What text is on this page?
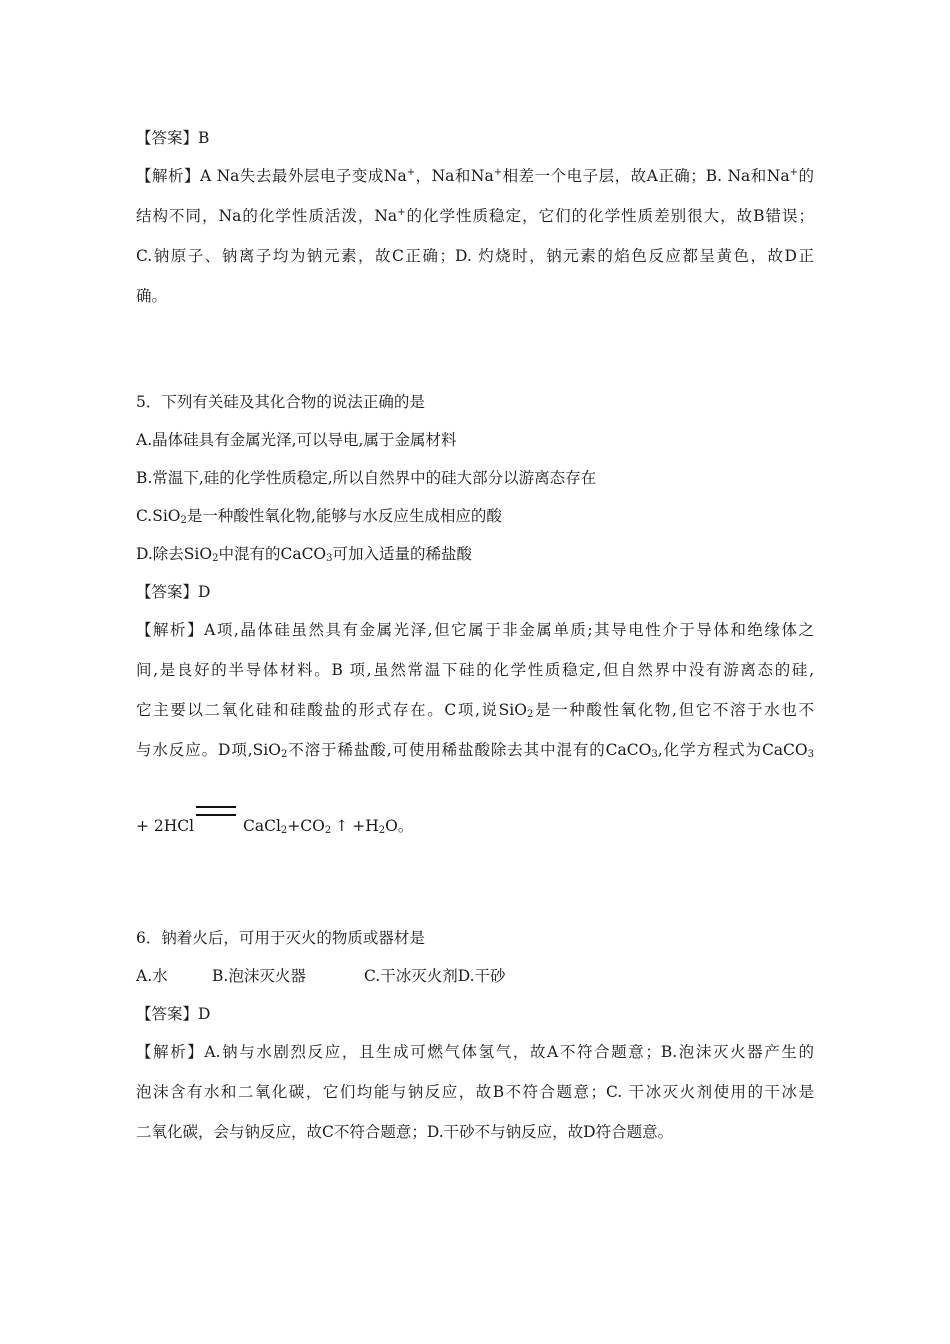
【答案】B
【解析】A Na失去最外层电子变成Na+，Na和Na+相差一个电子层，故A正确；B. Na和Na+的
结构不同，Na的化学性质活泼，Na+的化学性质稳定，它们的化学性质差别很大，故B错误；
C.钠原子、钠离子均为钠元素，故C正确；D. 灼烧时，钠元素的焰色反应都呈黄色，故D正
确。
5．下列有关硅及其化合物的说法正确的是
A.晶体硅具有金属光泽,可以导电,属于金属材料
B.常温下,硅的化学性质稳定,所以自然界中的硅大部分以游离态存在
C.SiO$_2$是一种酸性氧化物,能够与水反应生成相应的酸
D.除去SiO$_2$中混有的CaCO$_3$可加入适量的稀盐酸
【答案】D
【解析】A项,晶体硅虽然具有金属光泽,但它属于非金属单质;其导电性介于导体和绝缘体之
间,是良好的半导体材料。B 项,虽然常温下硅的化学性质稳定,但自然界中没有游离态的硅,
它主要以二氧化硅和硅酸盐的形式存在。C项,说SiO$_2$是一种酸性氧化物,但它不溶于水也不
与水反应。D项,SiO$_2$不溶于稀盐酸,可使用稀盐酸除去其中混有的CaCO$_3$,化学方程式为CaCO$_3$
+ 2HCl	$CaCl_2+CO_2$ ↑ $+H_2O$。
6．钠着火后，可用于灭火的物质或器材是
A.水	B.泡沫灭火器	C.干冰灭火剂D.干砂
【答案】D
【解析】A.钠与水剧烈反应，且生成可燃气体氢气，故A不符合题意；B.泡沫灭火器产生的
泡沫含有水和二氧化碳，它们均能与钠反应，故B不符合题意；C. 干冰灭火剂使用的干冰是
二氧化碳，会与钠反应，故C不符合题意；D.干砂不与钠反应，故D符合题意。
